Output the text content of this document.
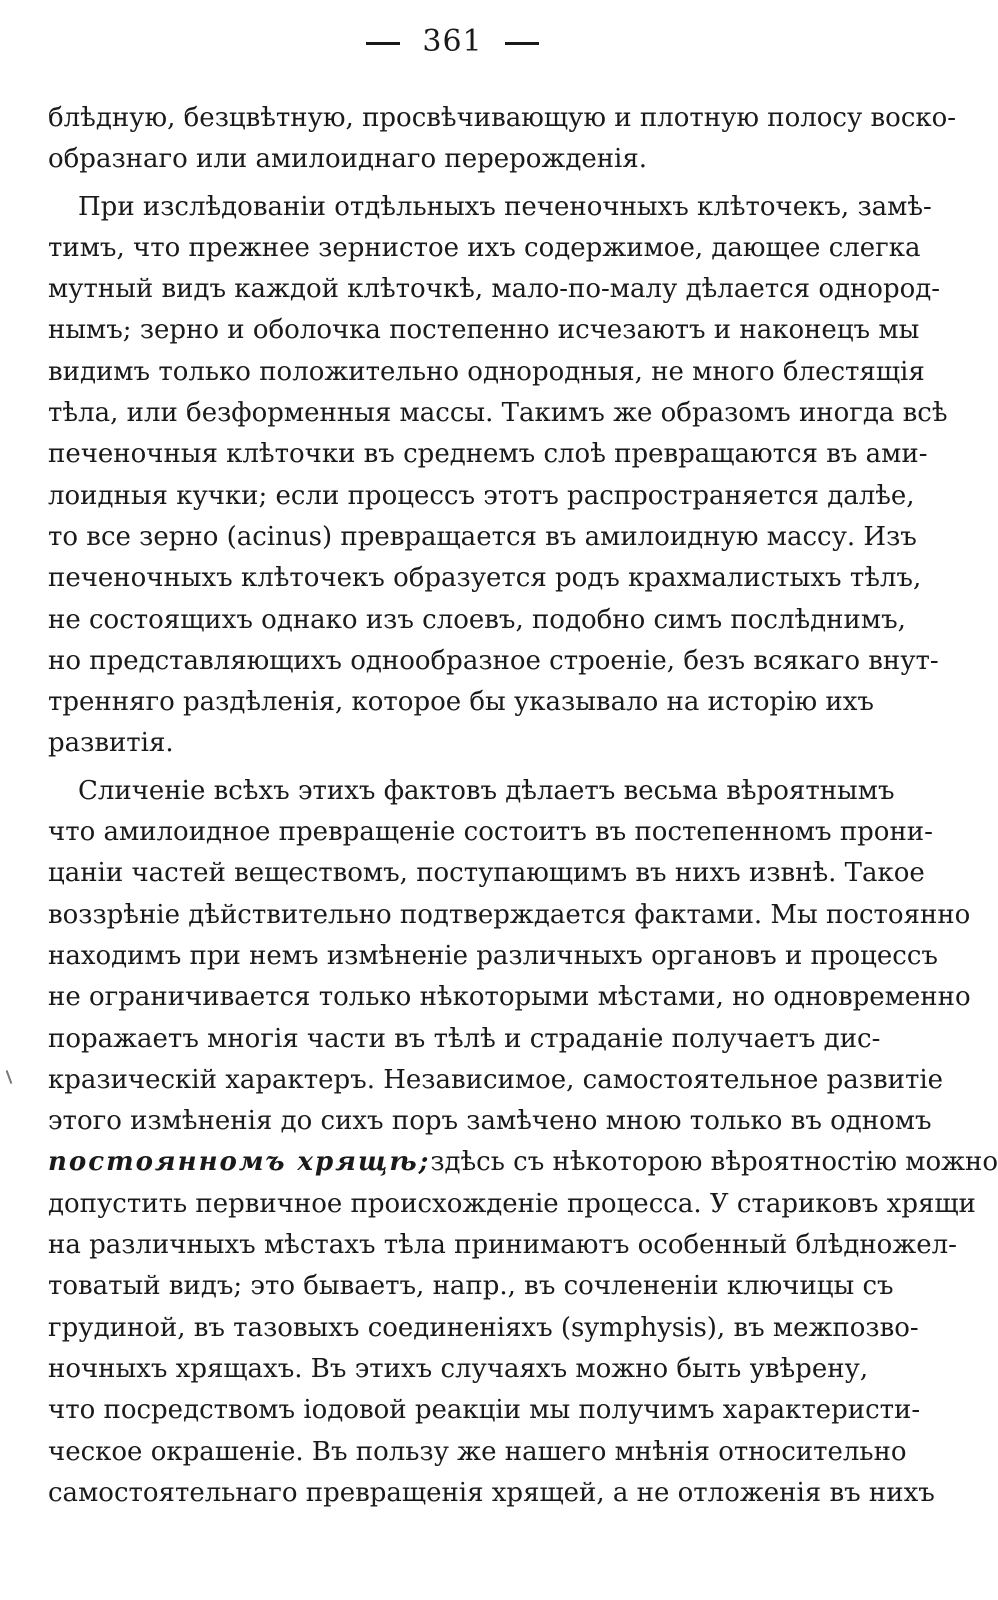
361
блѣдную, безцвѣтную, просвѣчивающую и плотную полосу воско-
образнаго или амилоиднаго перерожденія.
При изслѣдованіи отдѣльныхъ печеночныхъ клѣточекъ, замѣ-
тимъ, что прежнее зернистое ихъ содержимое, дающее слегка
мутный видъ каждой клѣточкѣ, мало-по-малу дѣлается однород-
нымъ; зерно и оболочка постепенно исчезаютъ и наконецъ мы
видимъ только положительно однородныя, не много блестящія
тѣла, или безформенныя массы. Такимъ же образомъ иногда всѣ
печеночныя клѣточки въ среднемъ слоѣ превращаются въ ами-
лоидныя кучки; если процессъ этотъ распространяется далѣе,
то все зерно (acinus) превращается въ амилоидную массу. Изъ
печеночныхъ клѣточекъ образуется родъ крахмалистыхъ тѣлъ,
не состоящихъ однако изъ слоевъ, подобно симъ послѣднимъ,
но представляющихъ однообразное строеніе, безъ всякаго внут-
тренняго раздѣленія, которое бы указывало на исторію ихъ
развитія.
Сличеніе всѣхъ этихъ фактовъ дѣлаетъ весьма вѣроятнымъ
что амилоидное превращеніе состоитъ въ постепенномъ прони-
цаніи частей веществомъ, поступающимъ въ нихъ извнѣ. Такое
воззрѣніе дѣйствительно подтверждается фактами. Мы постоянно
находимъ при немъ измѣненіе различныхъ органовъ и процессъ
не ограничивается только нѣкоторыми мѣстами, но одновременно
поражаетъ многія части въ тѣлѣ и страданіе получаетъ дис-
кразическій характеръ. Независимое, самостоятельное развитіе
этого измѣненія до сихъ поръ замѣчено мною только въ одномъ
постоянномъ хрящѣ; здѣсь съ нѣкоторою вѣроятностію можно
допустить первичное происхожденіе процесса. У стариковъ хрящи
на различныхъ мѣстахъ тѣла принимаютъ особенный блѣдножел-
товатый видъ; это бываетъ, напр., въ сочлененіи ключицы съ
грудиной, въ тазовыхъ соединеніяхъ (symphysis), въ межпозво-
ночныхъ хрящахъ. Въ этихъ случаяхъ можно быть увѣрену,
что посредствомъ іодовой реакціи мы получимъ характеристи-
ческое окрашеніе. Въ пользу же нашего мнѣнія относительно
самостоятельнаго превращенія хрящей, а не отложенія въ нихъ
